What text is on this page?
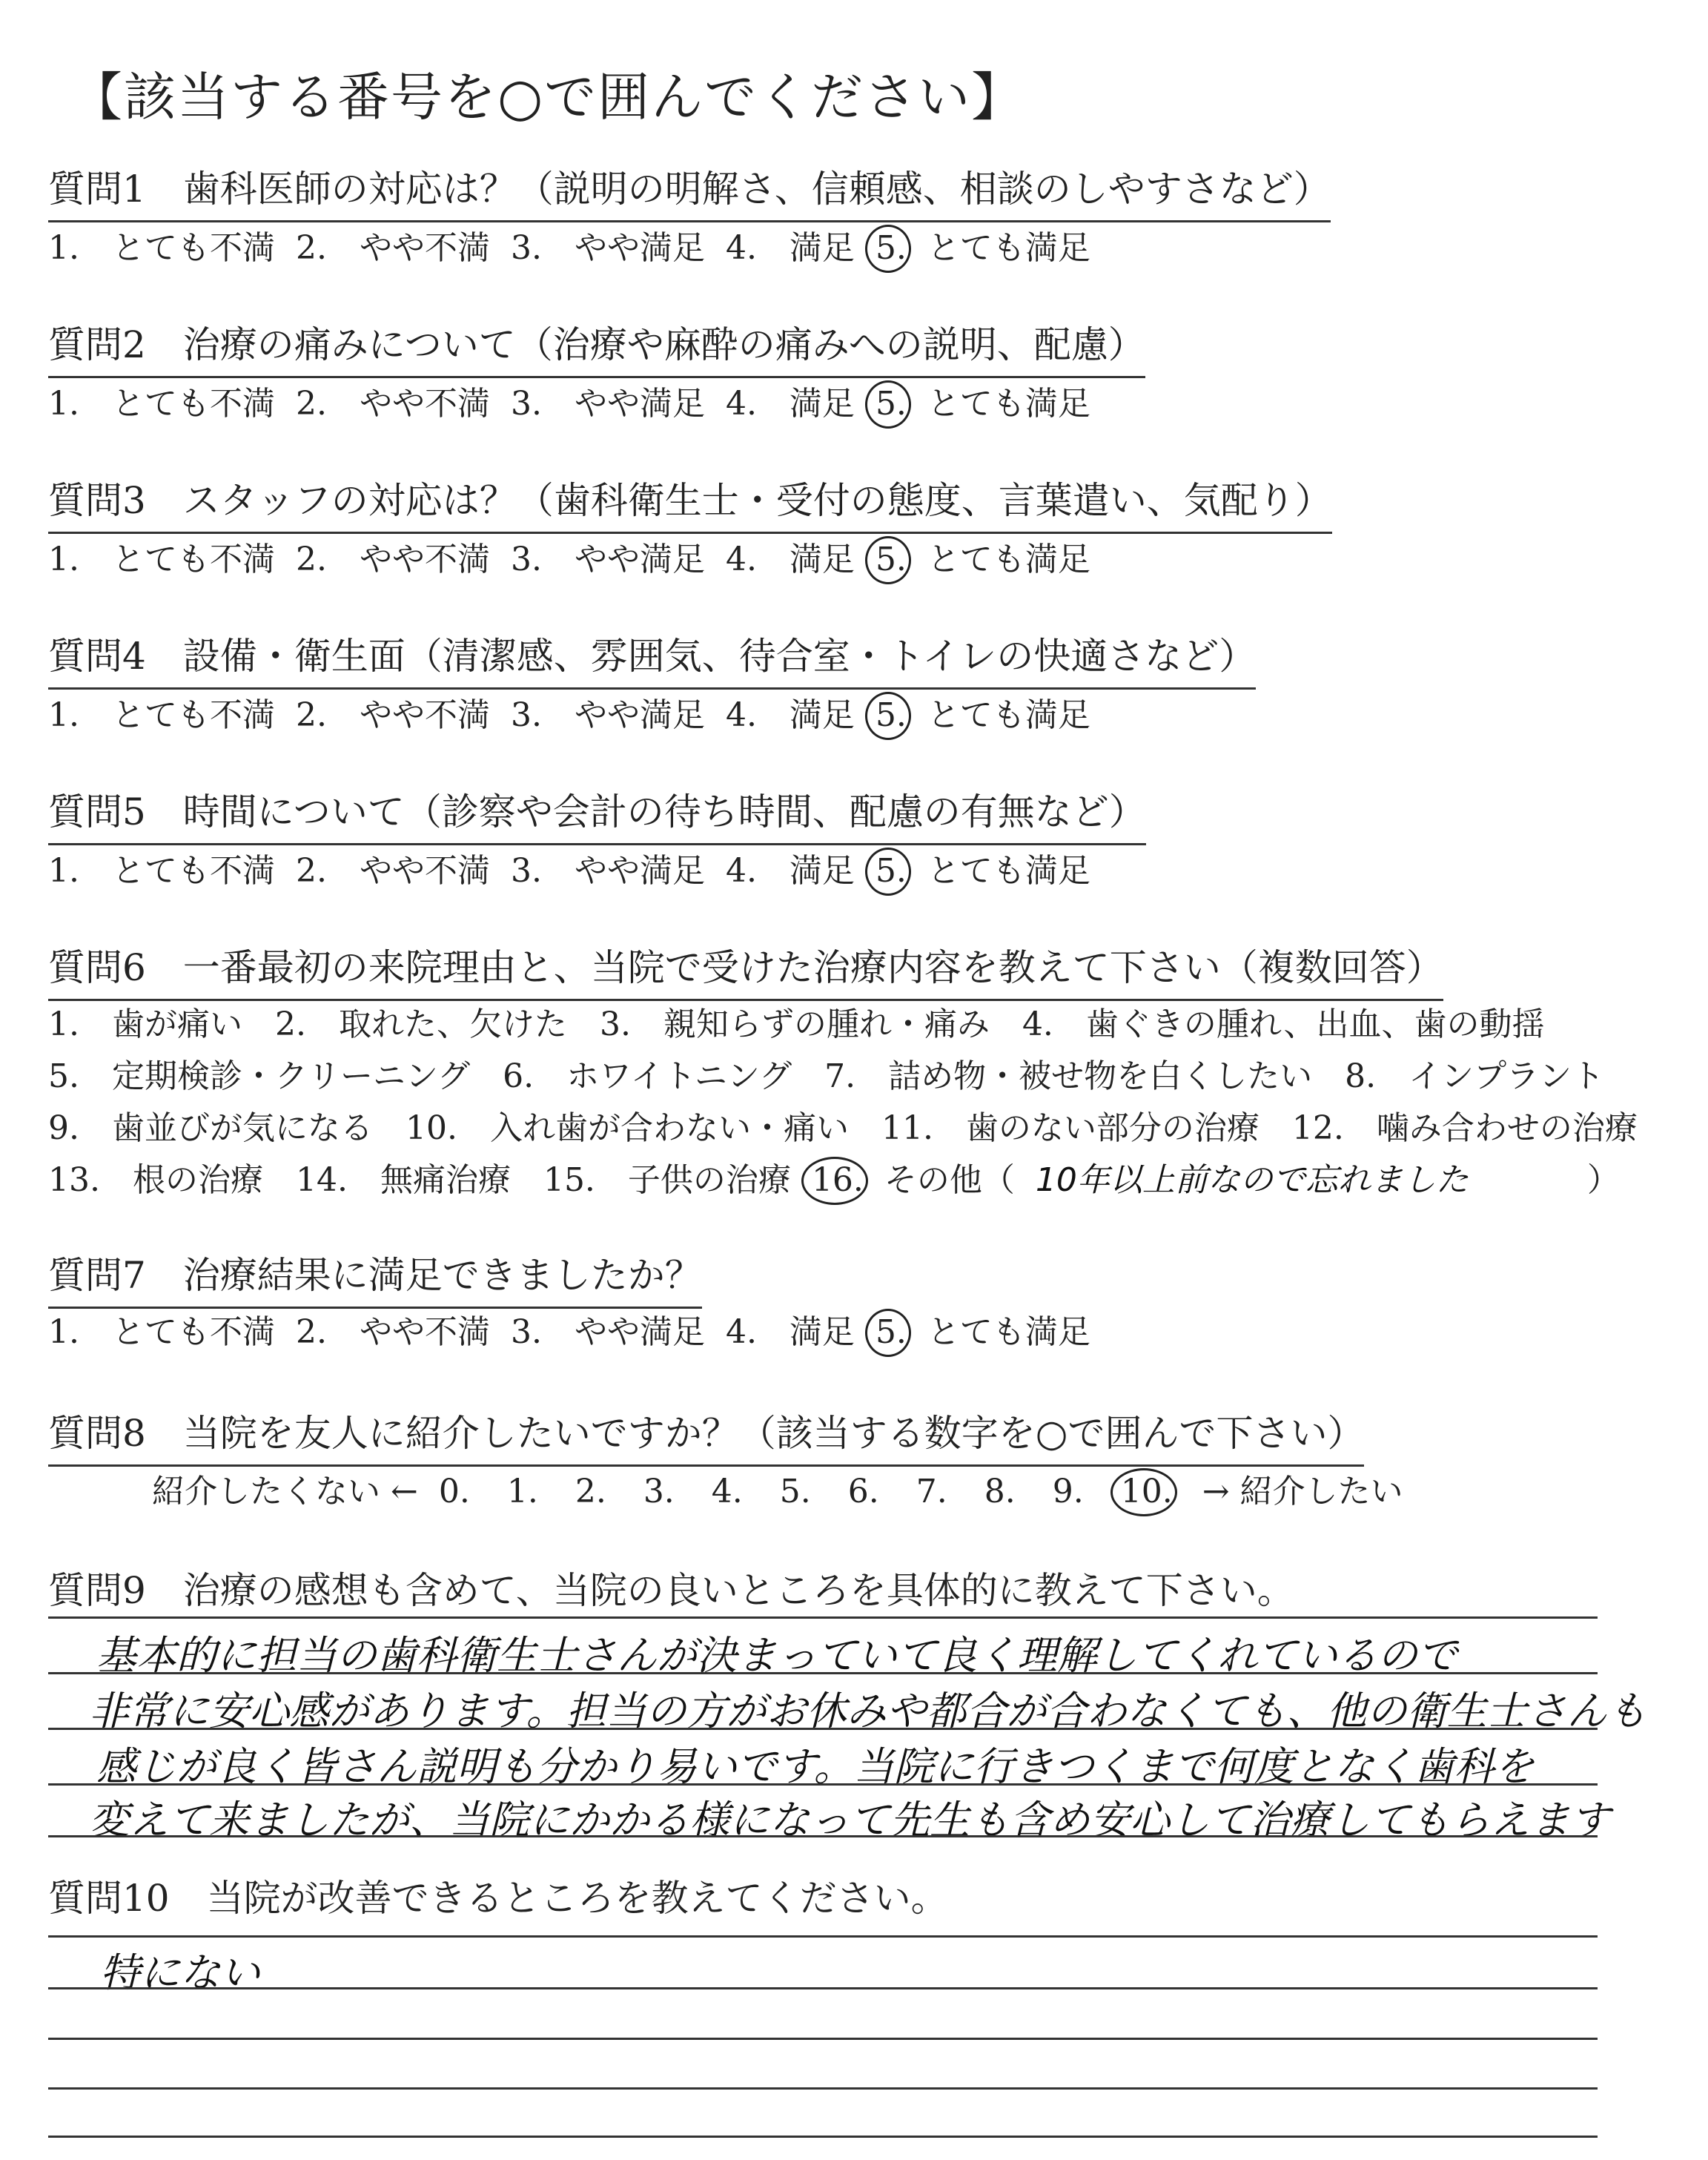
【該当する番号を○で囲んでください】
質問1　歯科医師の対応は？（説明の明解さ、信頼感、相談のしやすさなど）
1.　とても不満 2.　やや不満 3.　やや満足 4.　満足 5. とても満足
質問2　治療の痛みについて（治療や麻酔の痛みへの説明、配慮）
1.　とても不満 2.　やや不満 3.　やや満足 4.　満足 5. とても満足
質問3　スタッフの対応は？（歯科衛生士・受付の態度、言葉遣い、気配り）
1.　とても不満 2.　やや不満 3.　やや満足 4.　満足 5. とても満足
質問4　設備・衛生面（清潔感、雰囲気、待合室・トイレの快適さなど）
1.　とても不満 2.　やや不満 3.　やや満足 4.　満足 5. とても満足
質問5　時間について（診察や会計の待ち時間、配慮の有無など）
1.　とても不満 2.　やや不満 3.　やや満足 4.　満足 5. とても満足
質問6　一番最初の来院理由と、当院で受けた治療内容を教えて下さい（複数回答）
1.　歯が痛い　2.　取れた、欠けた　3.　親知らずの腫れ・痛み　4.　歯ぐきの腫れ、出血、歯の動揺
5.　定期検診・クリーニング　6.　ホワイトニング　7.　詰め物・被せ物を白くしたい　8.　インプラント
9.　歯並びが気になる　10.　入れ歯が合わない・痛い　11.　歯のない部分の治療　12.　噛み合わせの治療
13.　根の治療　14.　無痛治療　15.　子供の治療 16. その他（ 10年以上前なので忘れました	）
質問7　治療結果に満足できましたか？
1.　とても不満 2.　やや不満 3.　やや満足 4.　満足 5. とても満足
質問8　当院を友人に紹介したいですか？（該当する数字を○で囲んで下さい）
紹介したくない ← 0. 1. 2. 3. 4. 5. 6. 7. 8. 9. 10. → 紹介したい
質問9　治療の感想も含めて、当院の良いところを具体的に教えて下さい。
基本的に担当の歯科衛生士さんが決まっていて良く理解してくれているので
非常に安心感があります。担当の方がお休みや都合が合わなくても、他の衛生士さんも
感じが良く皆さん説明も分かり易いです。当院に行きつくまで何度となく歯科を
変えて来ましたが、当院にかかる様になって先生も含め安心して治療してもらえます
質問10　当院が改善できるところを教えてください。
特にない
